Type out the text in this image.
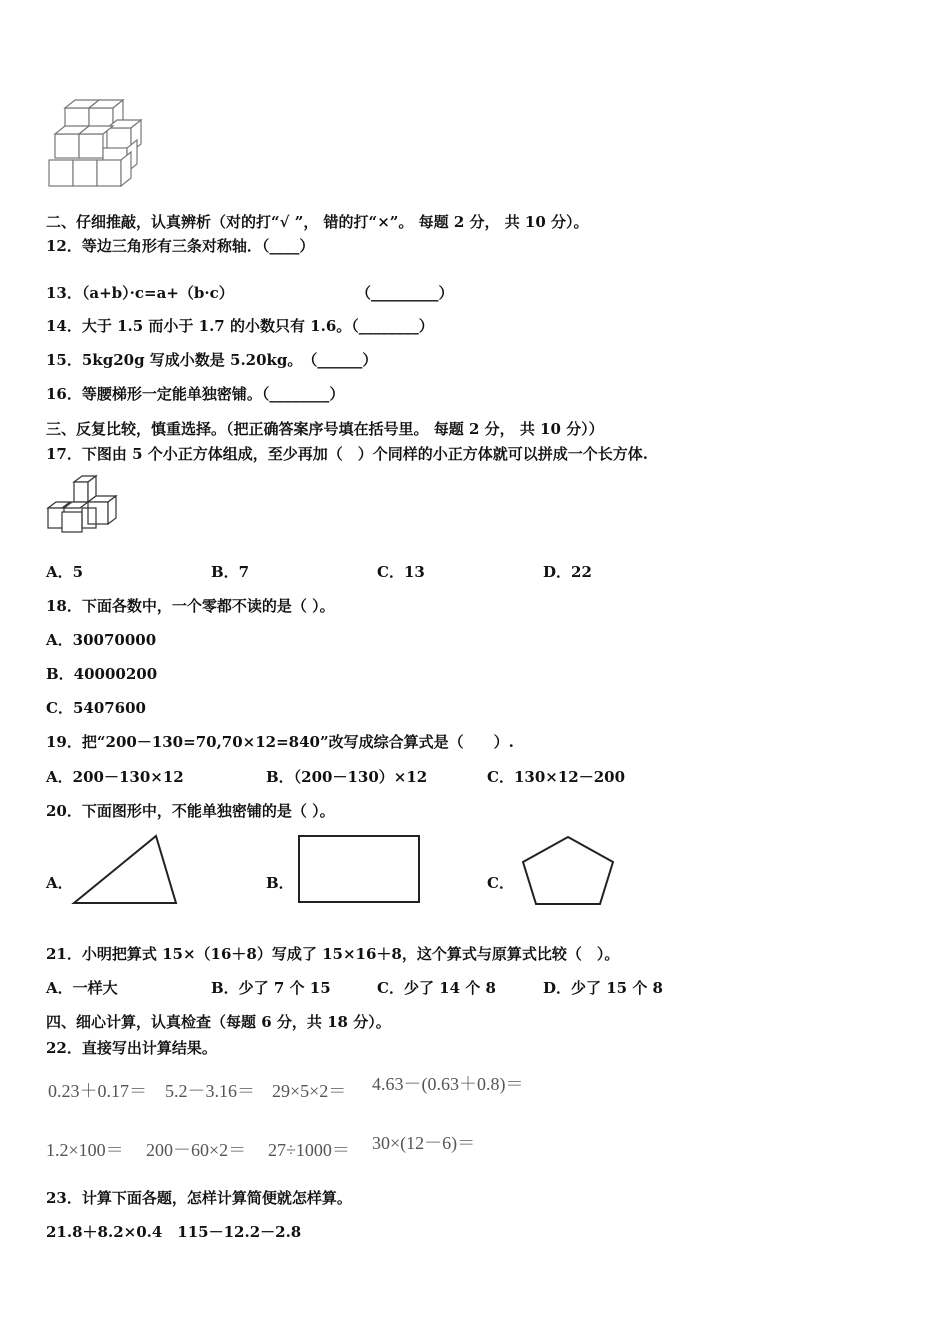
二、仔细推敲，认真辨析（对的打“√ ”， 错的打“×”。 每题 2 分， 共 10 分）。
12．等边三角形有三条对称轴．（____）
13．（a+b）·c=a+（b·c）	（_________）
14．大于 1.5 而小于 1.7 的小数只有 1.6。（________）
15．5kg20g 写成小数是 5.20kg。　（______）
16．等腰梯形一定能单独密铺。（________）
三、反复比较，慎重选择。（把正确答案序号填在括号里。 每题 2 分， 共 10 分））
17．下图由 5 个小正方体组成，至少再加（　）个同样的小正方体就可以拼成一个长方体.
A．5	B．7	C．13	D．22
18．下面各数中，一个零都不读的是（ ）。
A．30070000
B．40000200
C．5407600
19．把“200－130=70,70×12=840”改写成综合算式是（　　）.
A．200－130×12	B．（200－130）×12	C．130×12－200
20．下面图形中，不能单独密铺的是（ ）。
A．	B．	C．
21．小明把算式 15×（16＋8）写成了 15×16＋8，这个算式与原算式比较（　）。
A．一样大	B．少了 7 个 15	C．少了 14 个 8	D．少了 15 个 8
四、细心计算，认真检查（每题 6 分，共 18 分）。
22．直接写出计算结果。
0.23＋0.17＝ 5.2－3.16＝ 29×5×2＝ 4.63－(0.63＋0.8)＝
1.2×100＝ 200－60×2＝ 27÷1000＝ 30×(12－6)＝
23．计算下面各题，怎样计算简便就怎样算。
21.8＋8.2×0.4　115－12.2－2.8
